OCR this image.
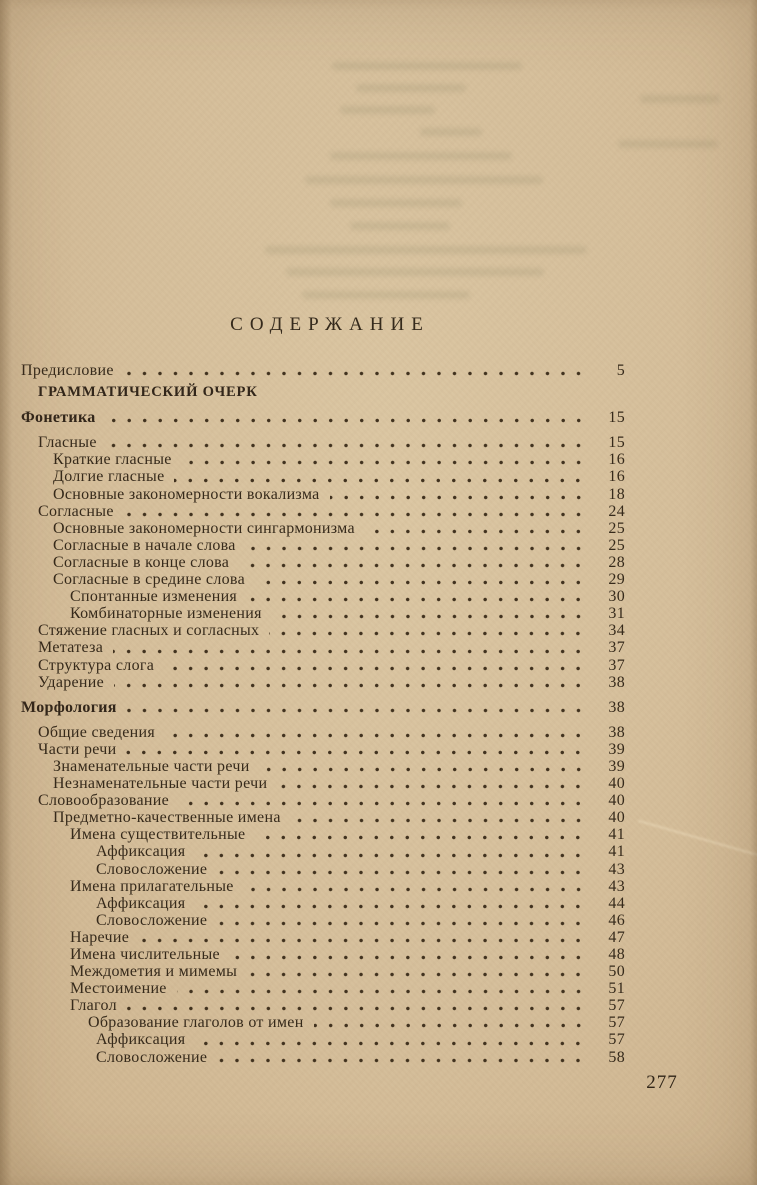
СОДЕРЖАНИЕ
Предисловие	5
ГРАММАТИЧЕСКИЙ ОЧЕРК
Фонетика	15
Гласные	15
Краткие гласные	16
Долгие гласные	16
Основные закономерности вокализма	18
Согласные	24
Основные закономерности сингармонизма	25
Согласные в начале слова	25
Согласные в конце слова	28
Согласные в средине слова	29
Спонтанные изменения	30
Комбинаторные изменения	31
Стяжение гласных и согласных	34
Метатеза	37
Структура слога	37
Ударение	38
Морфология	38
Общие сведения	38
Части речи	39
Знаменательные части речи	39
Незнаменательные части речи	40
Словообразование	40
Предметно-качественные имена	40
Имена существительные	41
Аффиксация	41
Словосложение	43
Имена прилагательные	43
Аффиксация	44
Словосложение	46
Наречие	47
Имена числительные	48
Междометия и мимемы	50
Местоимение	51
Глагол	57
Образование глаголов от имен	57
Аффиксация	57
Словосложение	58
277
